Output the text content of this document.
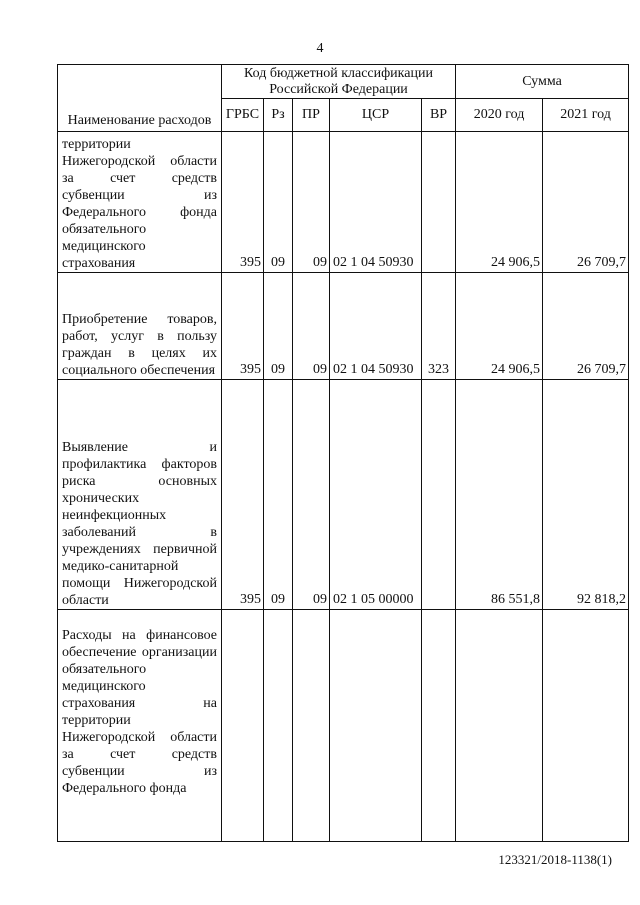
4
Наименование расходов	Код бюджетной классификации Российской Федерации					Сумма	
	ГРБС	Рз	ПР	ЦСР	ВР	2020 год	2021 год

территории Нижегородской области за счет средств субвенции из Федерального фонда обязательного медицинского страхования	395	09	09	02 1 04 50930		24 906,5	26 709,7

Приобретение товаров, работ, услуг в пользу граждан в целях их социального обеспечения	395	09	09	02 1 04 50930	323	24 906,5	26 709,7

Выявление и профилактика факторов риска основных хронических неинфекционных заболеваний в учреждениях первичной медико-санитарной помощи Нижегородской области	395	09	09	02 1 05 00000		86 551,8	92 818,2

Расходы на финансовое обеспечение организации обязательного медицинского страхования на территории Нижегородской области за счет средств субвенции из Федерального фонда							

123321/2018-1138(1)
